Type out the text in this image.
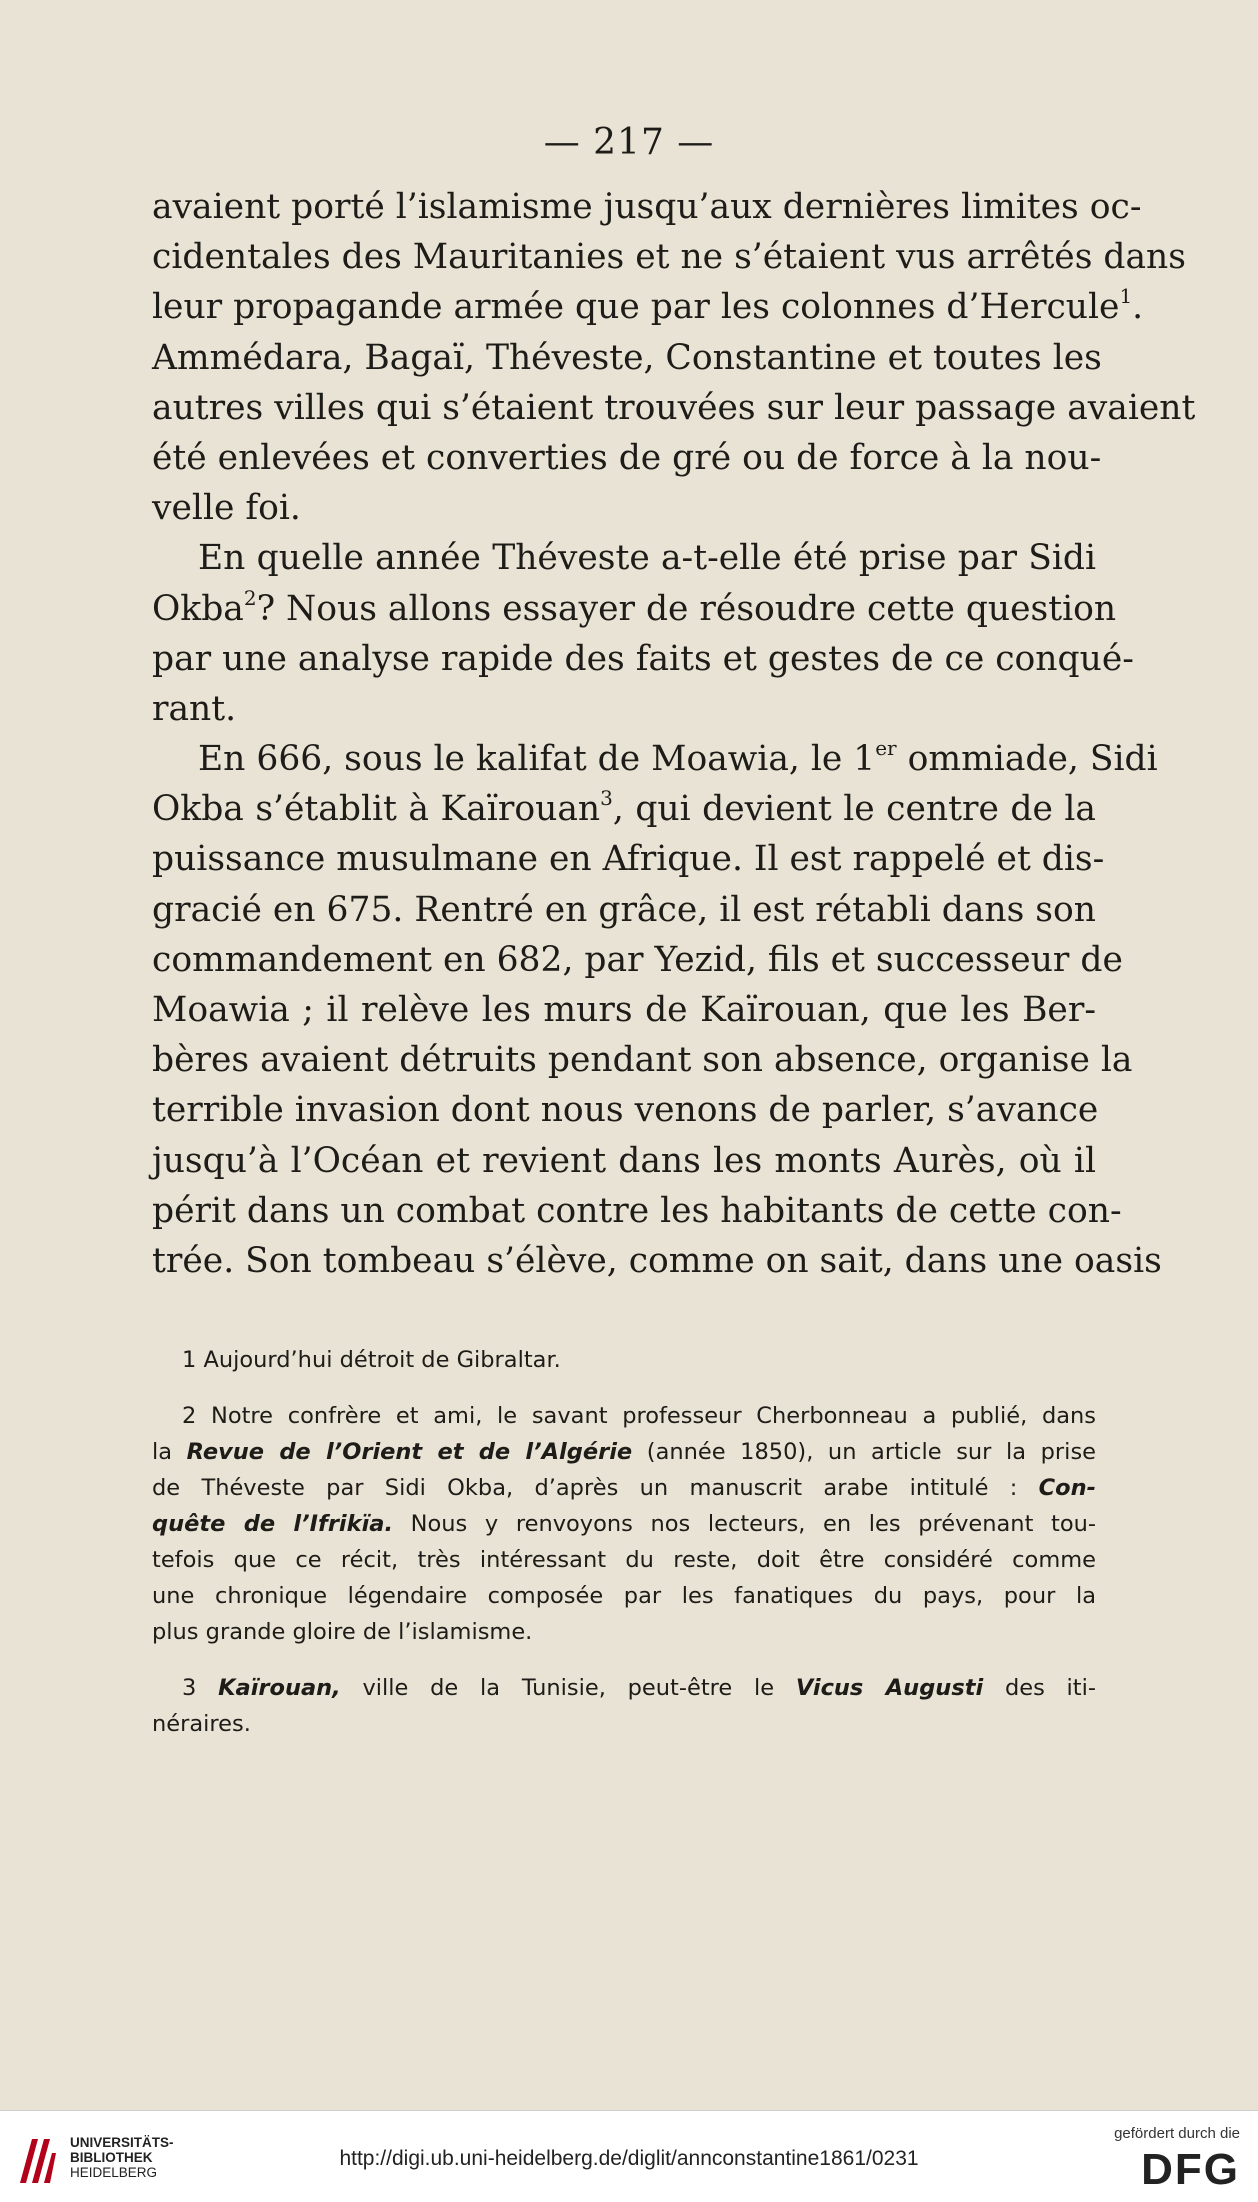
— 217 —
avaient porté l’islamisme jusqu’aux dernières limites oc-
cidentales des Mauritanies et ne s’étaient vus arrêtés dans
leur propagande armée que par les colonnes d’Hercule$^1$.
Ammédara, Bagaï, Théveste, Constantine et toutes les
autres villes qui s’étaient trouvées sur leur passage avaient
été enlevées et converties de gré ou de force à la nou-
velle foi.
En quelle année Théveste a-t-elle été prise par Sidi
Okba$^2$? Nous allons essayer de résoudre cette question
par une analyse rapide des faits et gestes de ce conqué-
rant.
En 666, sous le kalifat de Moawia, le 1er ommiade, Sidi
Okba s’établit à Kaïrouan$^3$, qui devient le centre de la
puissance musulmane en Afrique. Il est rappelé et dis-
gracié en 675. Rentré en grâce, il est rétabli dans son
commandement en 682, par Yezid, fils et successeur de
Moawia ; il relève les murs de Kaïrouan, que les Ber-
bères avaient détruits pendant son absence, organise la
terrible invasion dont nous venons de parler, s’avance
jusqu’à l’Océan et revient dans les monts Aurès, où il
périt dans un combat contre les habitants de cette con-
trée. Son tombeau s’élève, comme on sait, dans une oasis
1 Aujourd’hui détroit de Gibraltar.
2 Notre confrère et ami, le savant professeur Cherbonneau a publié, dans
la Revue de l’Orient et de l’Algérie (année 1850), un article sur la prise
de Théveste par Sidi Okba, d’après un manuscrit arabe intitulé : Con-
quête de l’Ifrikïa. Nous y renvoyons nos lecteurs, en les prévenant tou-
tefois que ce récit, très intéressant du reste, doit être considéré comme
une chronique légendaire composée par les fanatiques du pays, pour la
plus grande gloire de l’islamisme.
3 Kaïrouan, ville de la Tunisie, peut-être le Vicus Augusti des iti-
néraires.
UNIVERSITÄTS-
BIBLIOTHEK
HEIDELBERG
http://digi.ub.uni-heidelberg.de/diglit/annconstantine1861/0231
gefördert durch die
DFG
